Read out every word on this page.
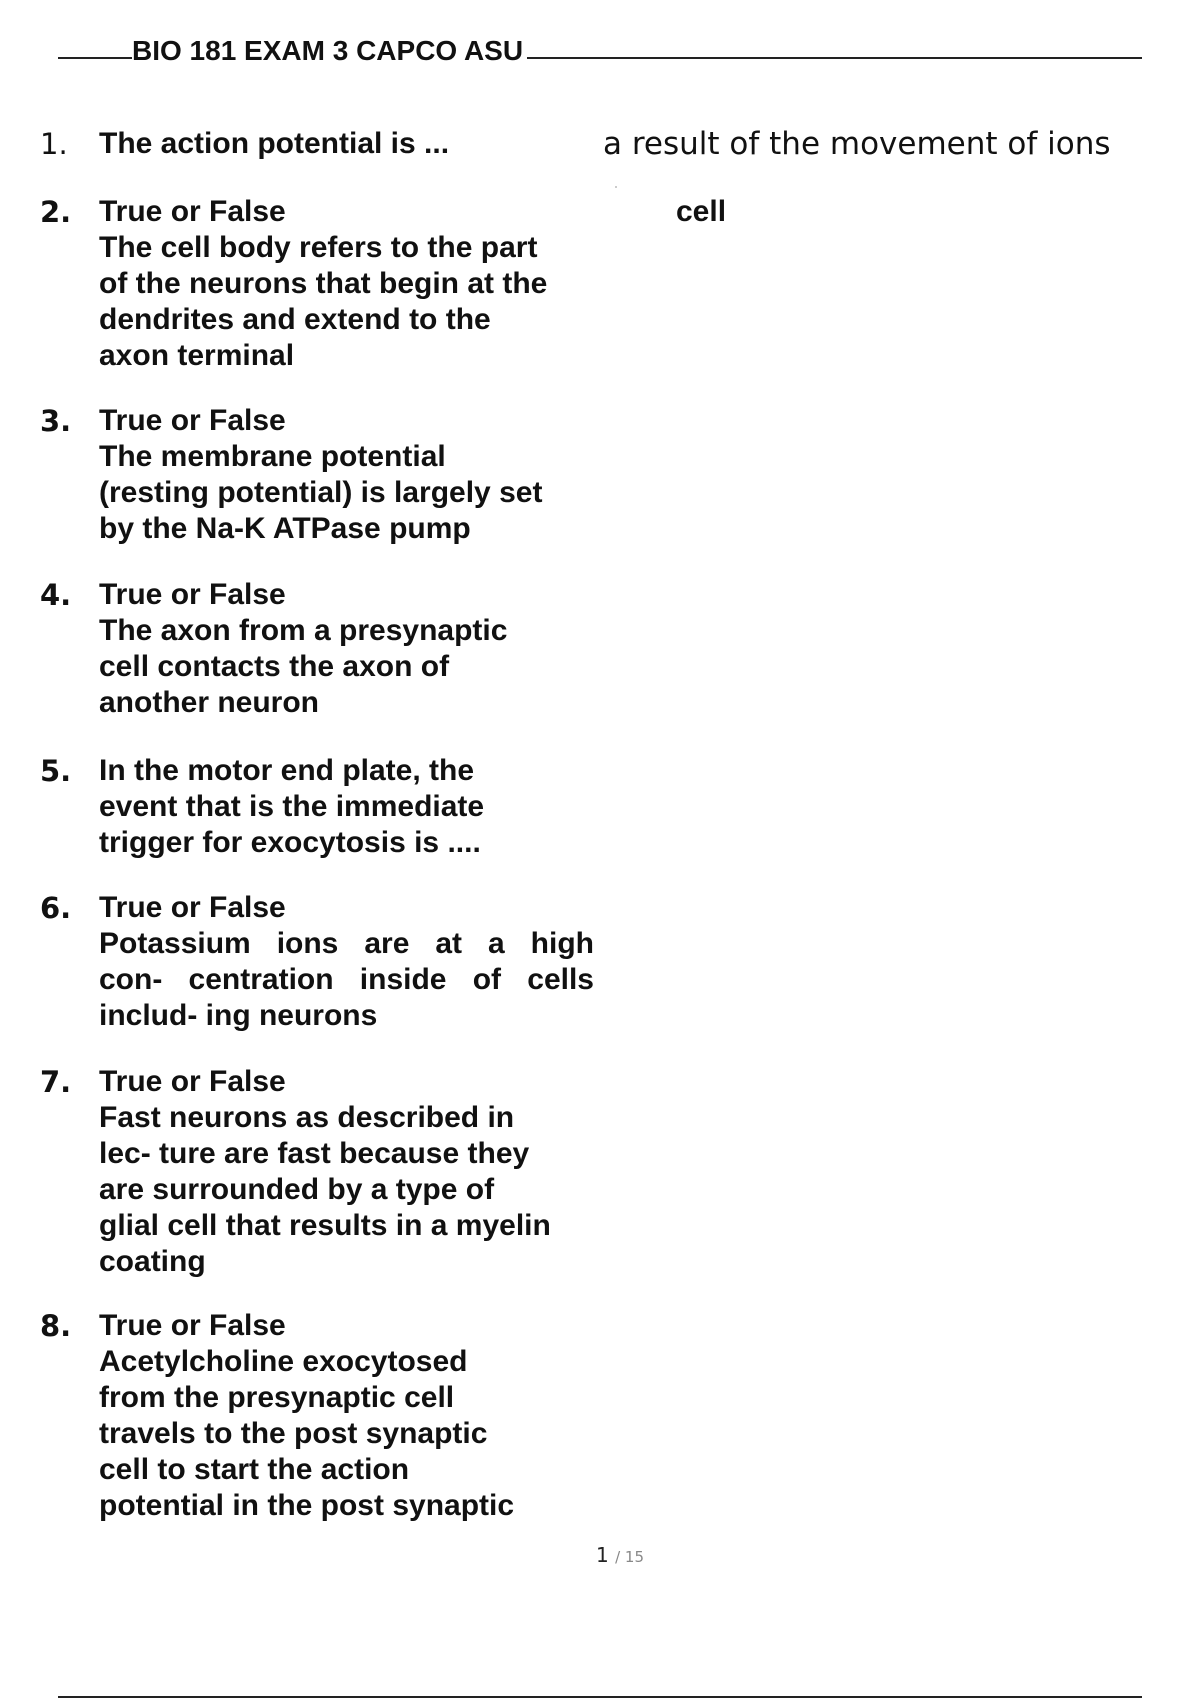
BIO 181 EXAM 3 CAPCO ASU
1. The action potential is ...	a result of the movement of ions
2. True or False
The cell body refers to the part
of the neurons that begin at the
dendrites and extend to the
axon terminal
cell
3. True or False
The membrane potential
(resting potential) is largely set
by the Na-K ATPase pump
4. True or False
The axon from a presynaptic
cell contacts the axon of
another neuron
5. In the motor end plate, the
event that is the immediate
trigger for exocytosis is ....
6. True or False
Potassium ions are at a high
con- centration inside of cells
includ- ing neurons
7. True or False
Fast neurons as described in
lec- ture are fast because they
are surrounded by a type of
glial cell that results in a myelin
coating
8. True or False
Acetylcholine exocytosed
from the presynaptic cell
travels to the post synaptic
cell to start the action
potential in the post synaptic
1 / 15
